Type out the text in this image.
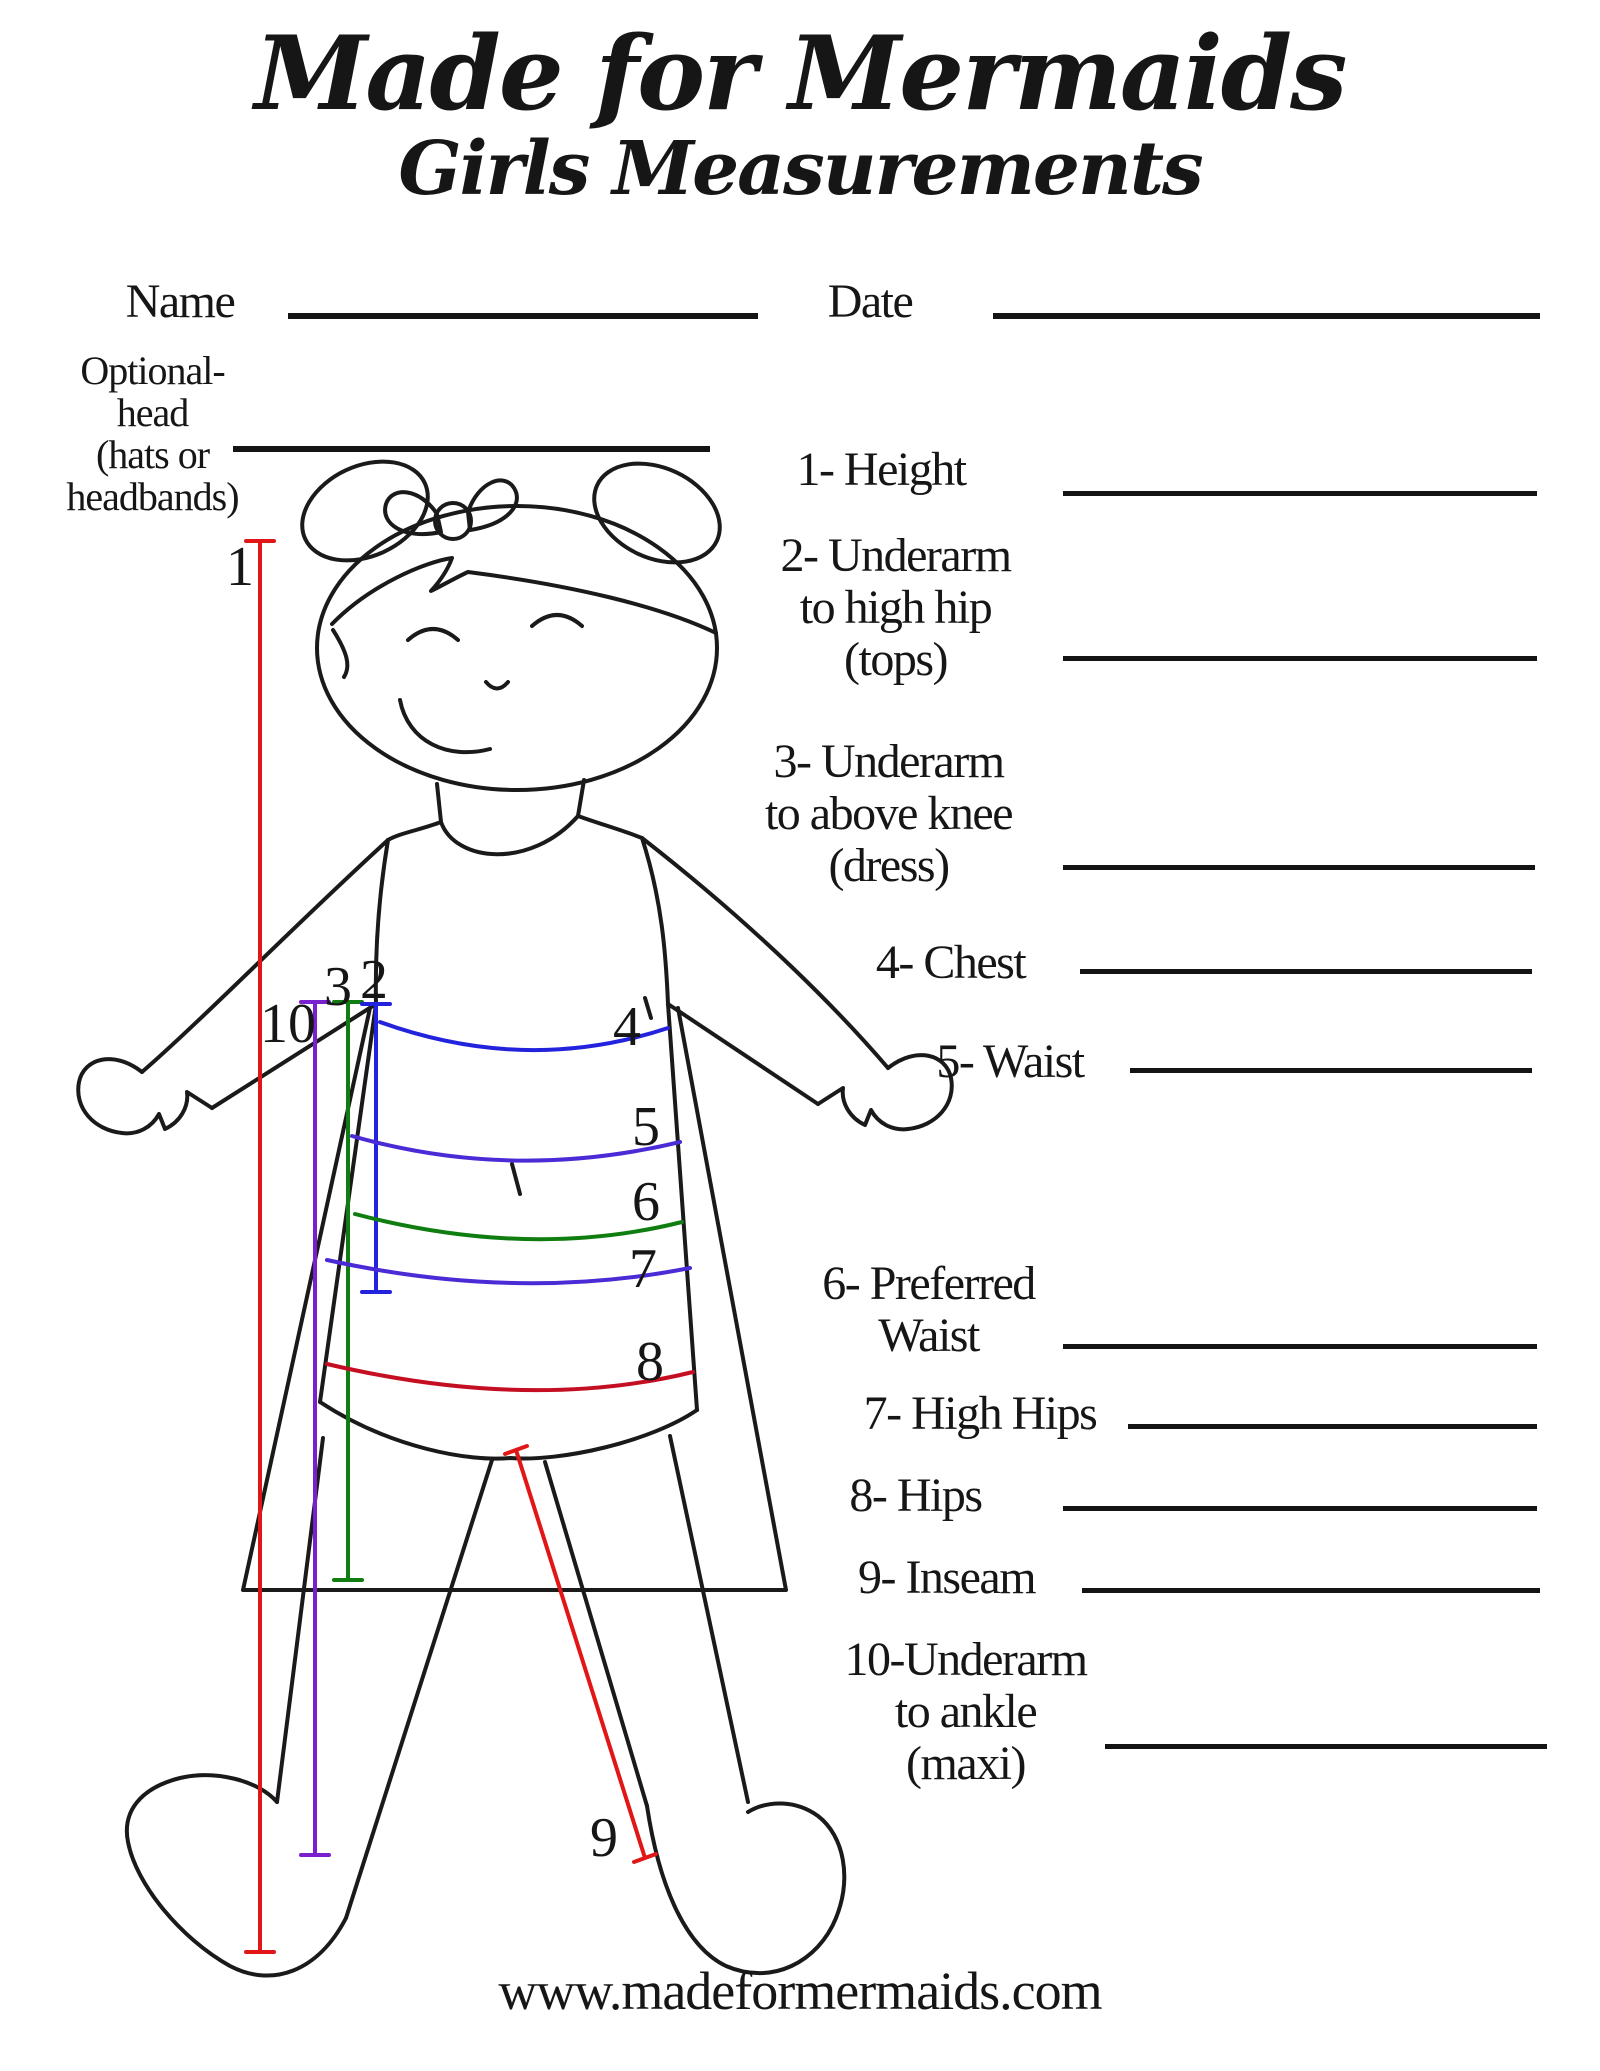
1
2
3
10	4
5
6
7
8
9
Made for Mermaids
Girls Measurements
Name	Date
Optional-
head
(hats or
headbands)
1- Height
2- Underarm
to high hip
(tops)
3- Underarm
to above knee
(dress)
4- Chest
5- Waist
6- Preferred
Waist
7- High Hips
8- Hips
9- Inseam
10-Underarm
to ankle
(maxi)
www.madeformermaids.com
